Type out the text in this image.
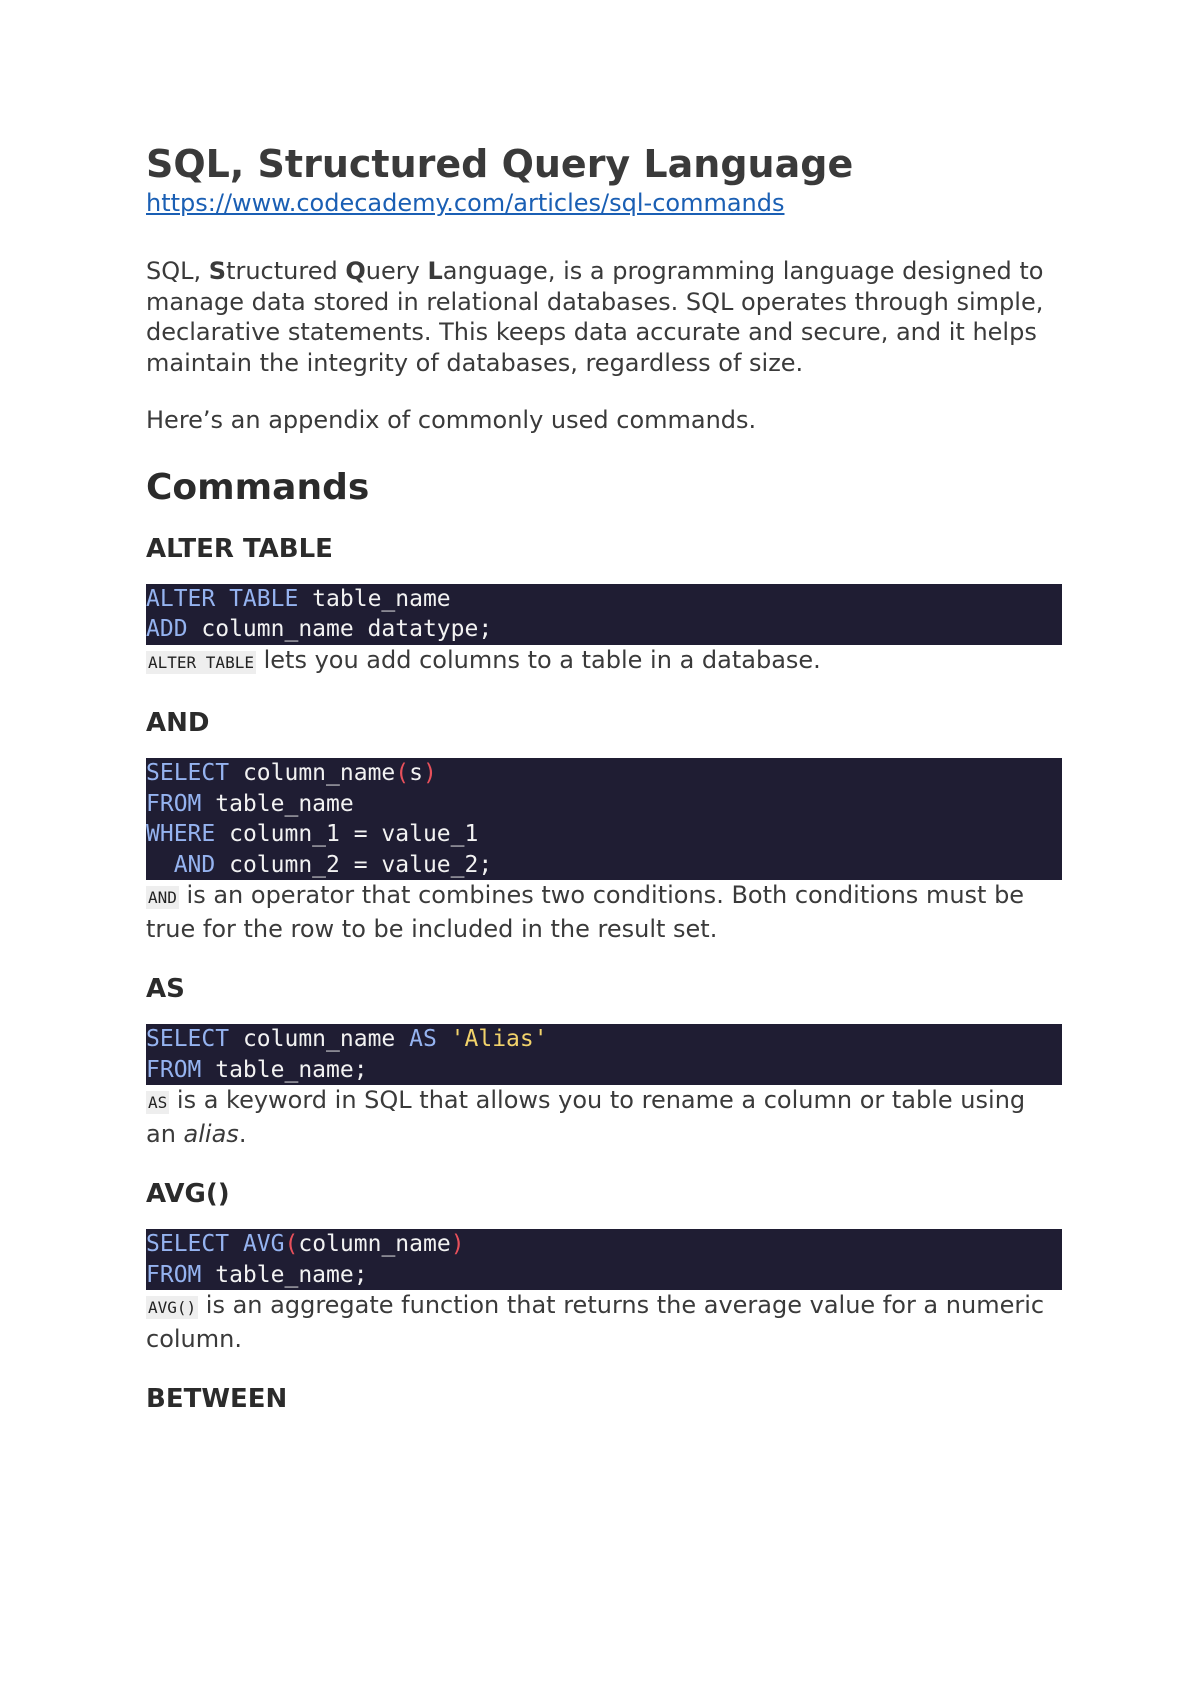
SQL, Structured Query Language
https://www.codecademy.com/articles/sql-commands

SQL, Structured Query Language, is a programming language designed to manage data stored in relational databases. SQL operates through simple, declarative statements. This keeps data accurate and secure, and it helps maintain the integrity of databases, regardless of size.

Here’s an appendix of commonly used commands.

Commands
ALTER TABLE
ALTER TABLE table_name
ADD column_name datatype;

ALTER TABLE lets you add columns to a table in a database.

AND
SELECT column_name(s)
FROM table_name
WHERE column_1 = value_1
AND column_2 = value_2;

AND is an operator that combines two conditions. Both conditions must be true for the row to be included in the result set.

AS
SELECT column_name AS 'Alias'
FROM table_name;

AS is a keyword in SQL that allows you to rename a column or table using an alias.

AVG()
SELECT AVG(column_name)
FROM table_name;

AVG() is an aggregate function that returns the average value for a numeric column.

BETWEEN
